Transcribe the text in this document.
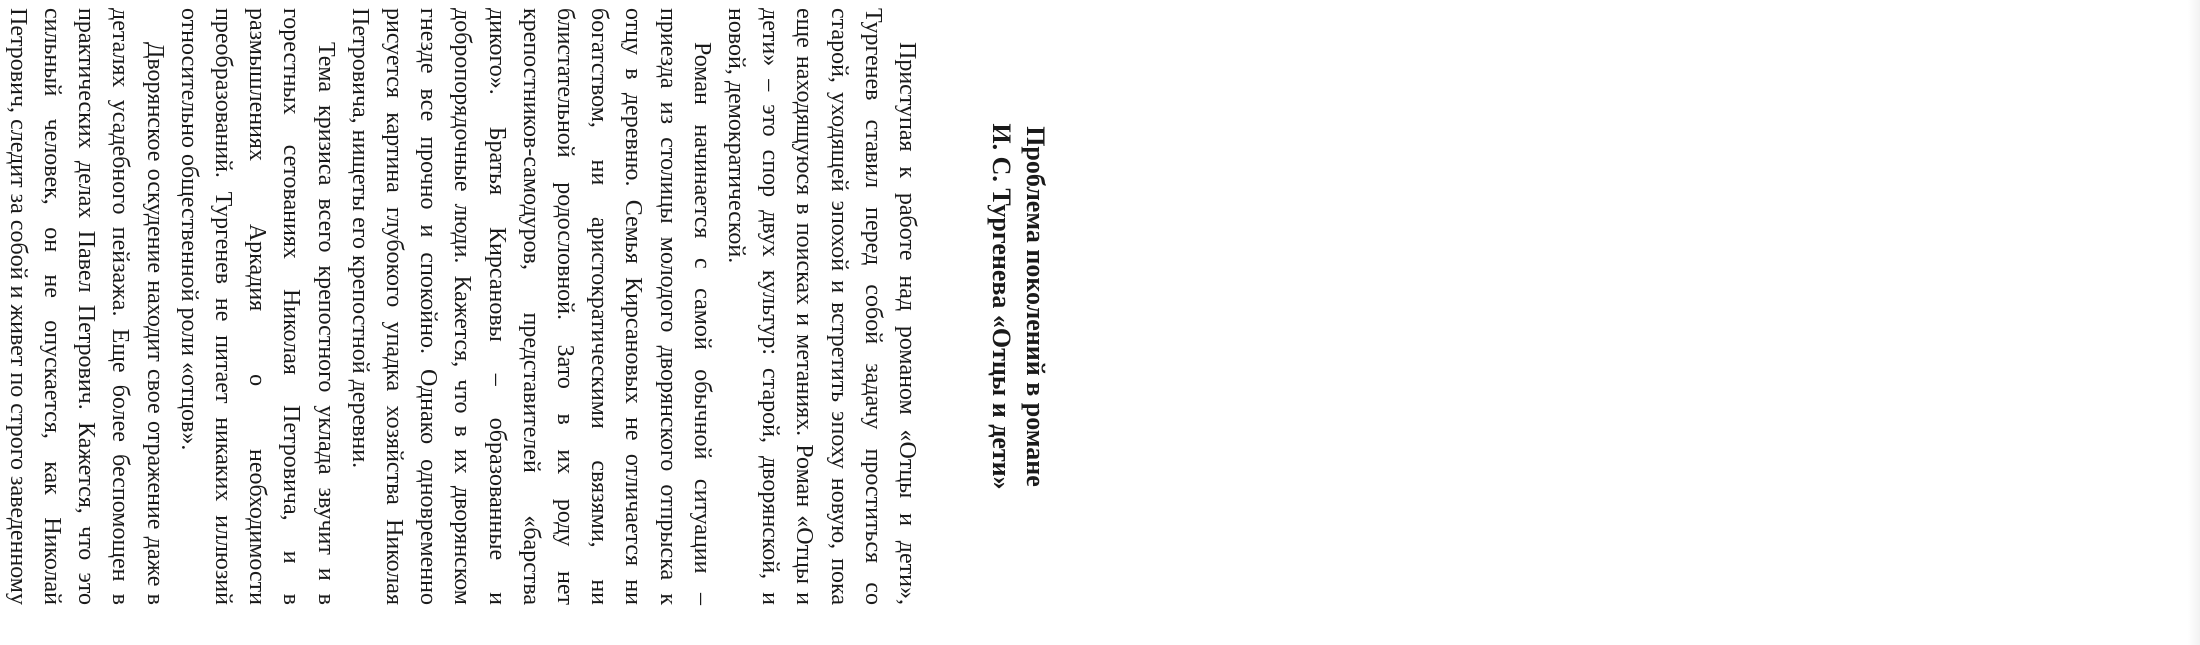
Проблема поколений в романе
И. С. Тургенева «Отцы и дети»

Приступая к работе над романом «Отцы и дети», Тургенев ставил перед собой задачу проститься со старой, уходящей эпохой и встретить эпоху новую, пока еще находящуюся в поисках и метаниях. Роман «Отцы и дети» – это спор двух культур: старой, дворянской, и новой, демократической.

Роман начинается с самой обычной ситуации – приезда из столицы молодого дворянского отпрыска к отцу в деревню. Семья Кирсановых не отличается ни богатством, ни аристократическими связями, ни блистательной родословной. Зато в их роду нет крепостников-самодуров, представителей «барства дикого». Братья Кирсановы – образованные и добропорядочные люди. Кажется, что в их дворянском гнезде все прочно и спокойно. Однако одновременно рисуется картина глубокого упадка хозяйства Николая Петровича, нищеты его крепостной деревни.

Тема кризиса всего крепостного уклада звучит и в горестных сетованиях Николая Петровича, и в размышлениях Аркадия о необходимости преобразований. Тургенев не питает никаких иллюзий относительно общественной роли «отцов».

Дворянское оскудение находит свое отражение даже в деталях усадебного пейзажа. Еще более беспомощен в практических делах Павел Петрович. Кажется, что это сильный человек, он не опускается, как Николай Петрович, следит за собой и живет по строго заведенному
